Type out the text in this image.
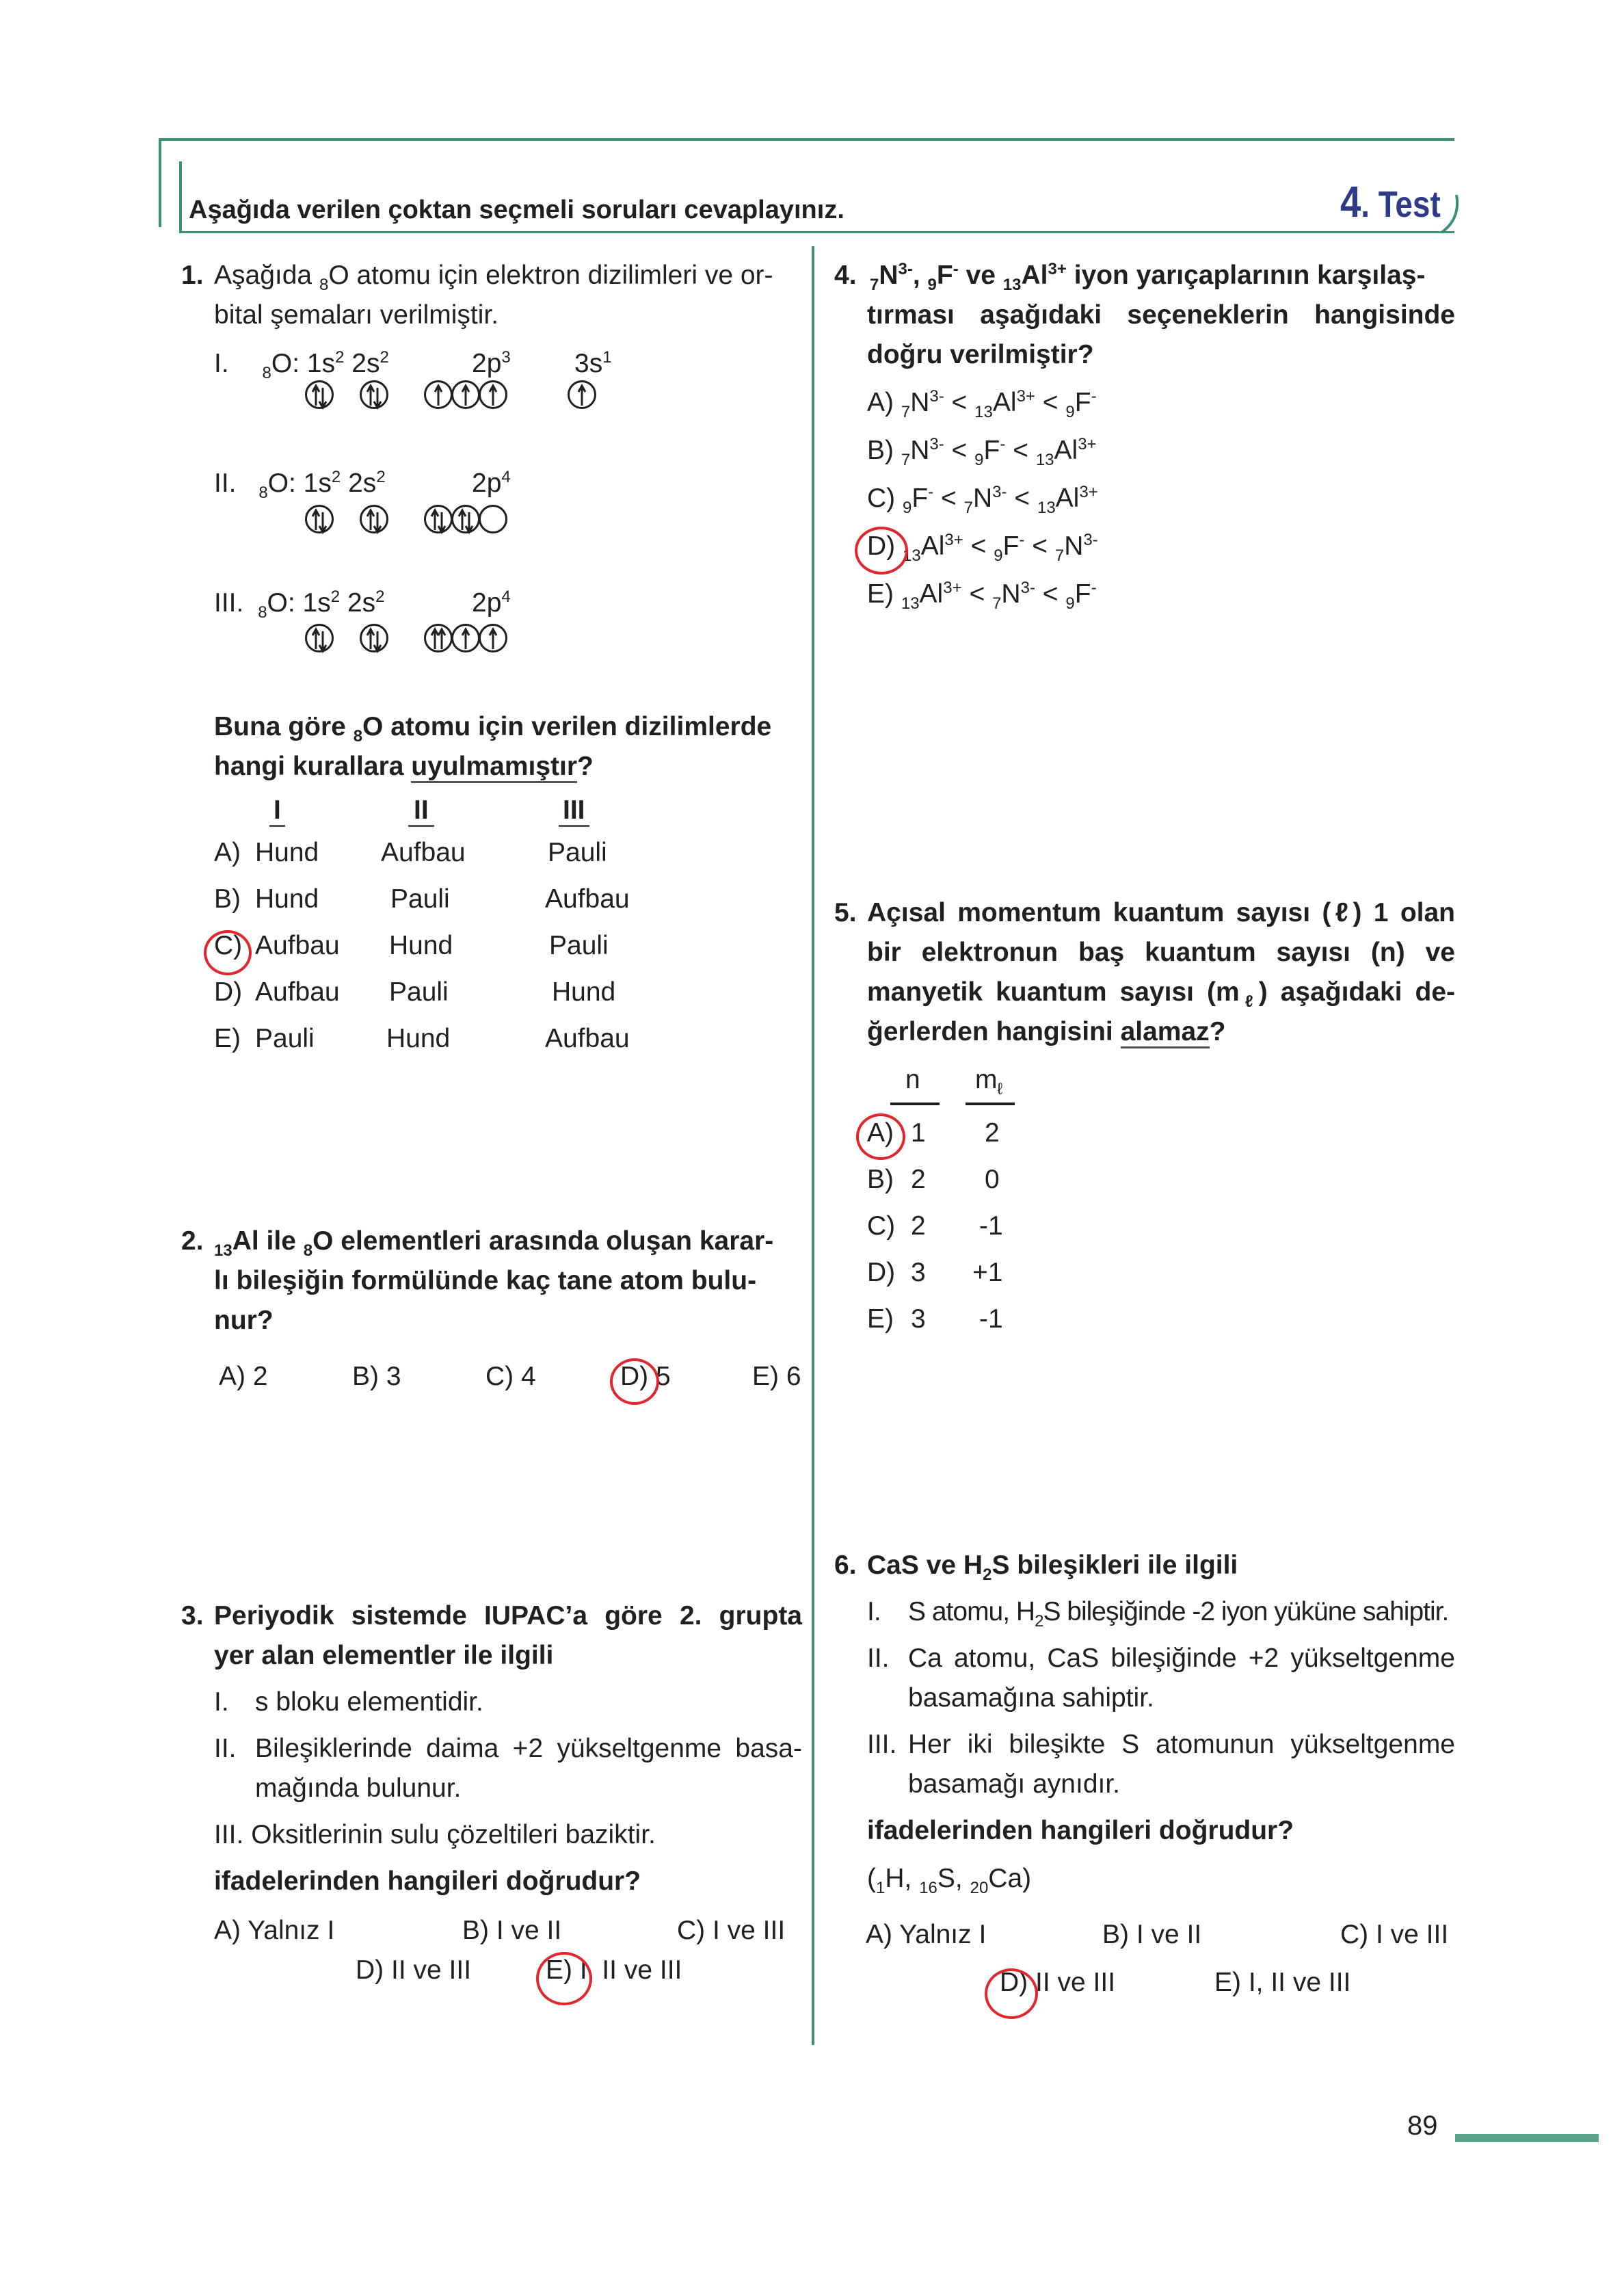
Aşağıda verilen çoktan seçmeli soruları cevaplayınız.	4. Test
1. Aşağıda $_8$O atomu için elektron dizilimleri ve or-
bital şemaları verilmiştir.
I. $_8$O: $1s^2$ $2s^2$	$2p^3$ $3s^1$
II. $_8$O: $1s^2$ $2s^2$	$2p^4$
III. $_8$O: $1s^2$ $2s^2$	$2p^4$
Buna göre $_8$O atomu için verilen dizilimlerde
hangi kurallara uyulmamıştır?
I	II	III
A) Hund Aufbau	Pauli
B) Hund	Pauli	Aufbau
C) Aufbau Hund	Pauli
D) Aufbau Pauli	Hund
E) Pauli	Hund	Aufbau
2. $_{13}$Al ile $_8$O elementleri arasında oluşan karar-
lı bileşiğin formülünde kaç tane atom bulu-
nur?
A) 2	B) 3	C) 4	D) 5	E) 6
3. Periyodik sistemde IUPAC’a göre 2. grupta
yer alan elementler ile ilgili
I. s bloku elementidir.
II. Bileşiklerinde daima +2 yükseltgenme basa-
mağında bulunur.
III. Oksitlerinin sulu çözeltileri baziktir.
ifadelerinden hangileri doğrudur?
A) Yalnız I	B) I ve II	C) I ve III
D) II ve III	E) I, II ve III
4. $_7N^{3-}$, $_9$F- ve $_{13}Al^{3+}$ iyon yarıçaplarının karşılaş-
tırması aşağıdaki seçeneklerin hangisinde
doğru verilmiştir?
A) $_7N^{3-} < _{13}Al^{3+} < _9F^-$
B) $_7N^{3-} < _9F^- < _{13}Al^{3+}$
C) $_9F^- < _7N^{3-} < _{13}Al^{3+}$
D) $_{13}Al^{3+} < _9F^- < _7N^{3-}$
E) $_{13}Al^{3+} < _7N^{3-} < _9F^-$
5. Açısal momentum kuantum sayısı (ℓ) 1 olan
bir elektronun baş kuantum sayısı (n) ve
manyetik kuantum sayısı $(m_\ell)$ aşağıdaki de-
ğerlerden hangisini alamaz?
n $m_\ell$
A) 1 2
B) 2 0
C) 2 -1
D) 3 +1
E) 3 -1
6. CaS ve $H_2S$ bileşikleri ile ilgili
I. S atomu, $H_2S$ bileşiğinde -2 iyon yüküne sahiptir.
II. Ca atomu, CaS bileşiğinde +2 yükseltgenme
basamağına sahiptir.
III. Her iki bileşikte S atomunun yükseltgenme
basamağı aynıdır.
ifadelerinden hangileri doğrudur?
($_1H$, $_{16}$S, $_{20}$Ca)
A) Yalnız I	B) I ve II	C) I ve III
D) II ve III	E) I, II ve III
89
